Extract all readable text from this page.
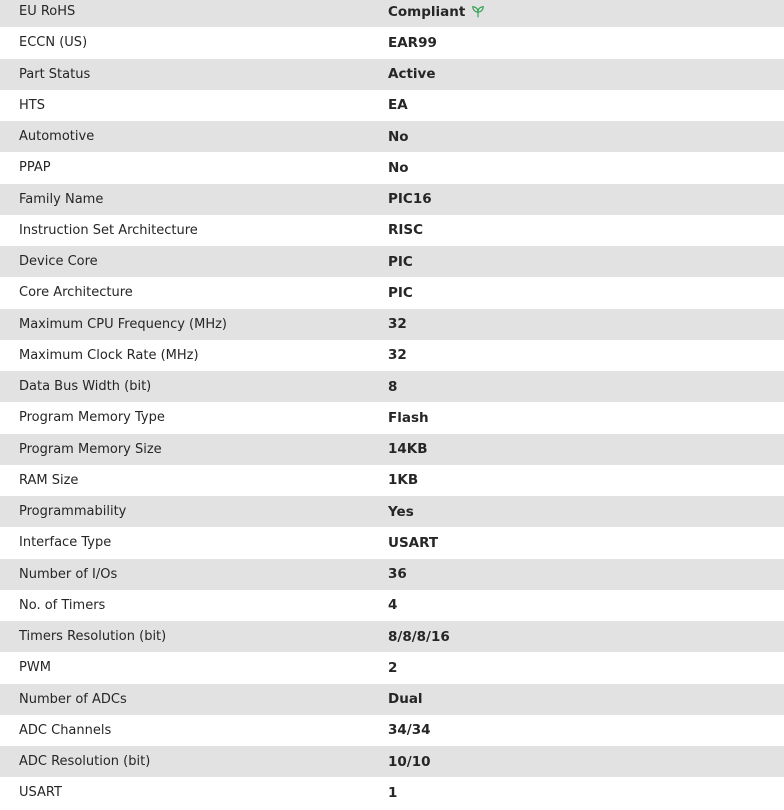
EU RoHS	Compliant
ECCN (US)	EAR99
Part Status	Active
HTS	EA
Automotive	No
PPAP	No
Family Name	PIC16
Instruction Set Architecture	RISC
Device Core	PIC
Core Architecture	PIC
Maximum CPU Frequency (MHz)	32
Maximum Clock Rate (MHz)	32
Data Bus Width (bit)	8
Program Memory Type	Flash
Program Memory Size	14KB
RAM Size	1KB
Programmability	Yes
Interface Type	USART
Number of I/Os	36
No. of Timers	4
Timers Resolution (bit)	8/8/8/16
PWM	2
Number of ADCs	Dual
ADC Channels	34/34
ADC Resolution (bit)	10/10
USART	1
